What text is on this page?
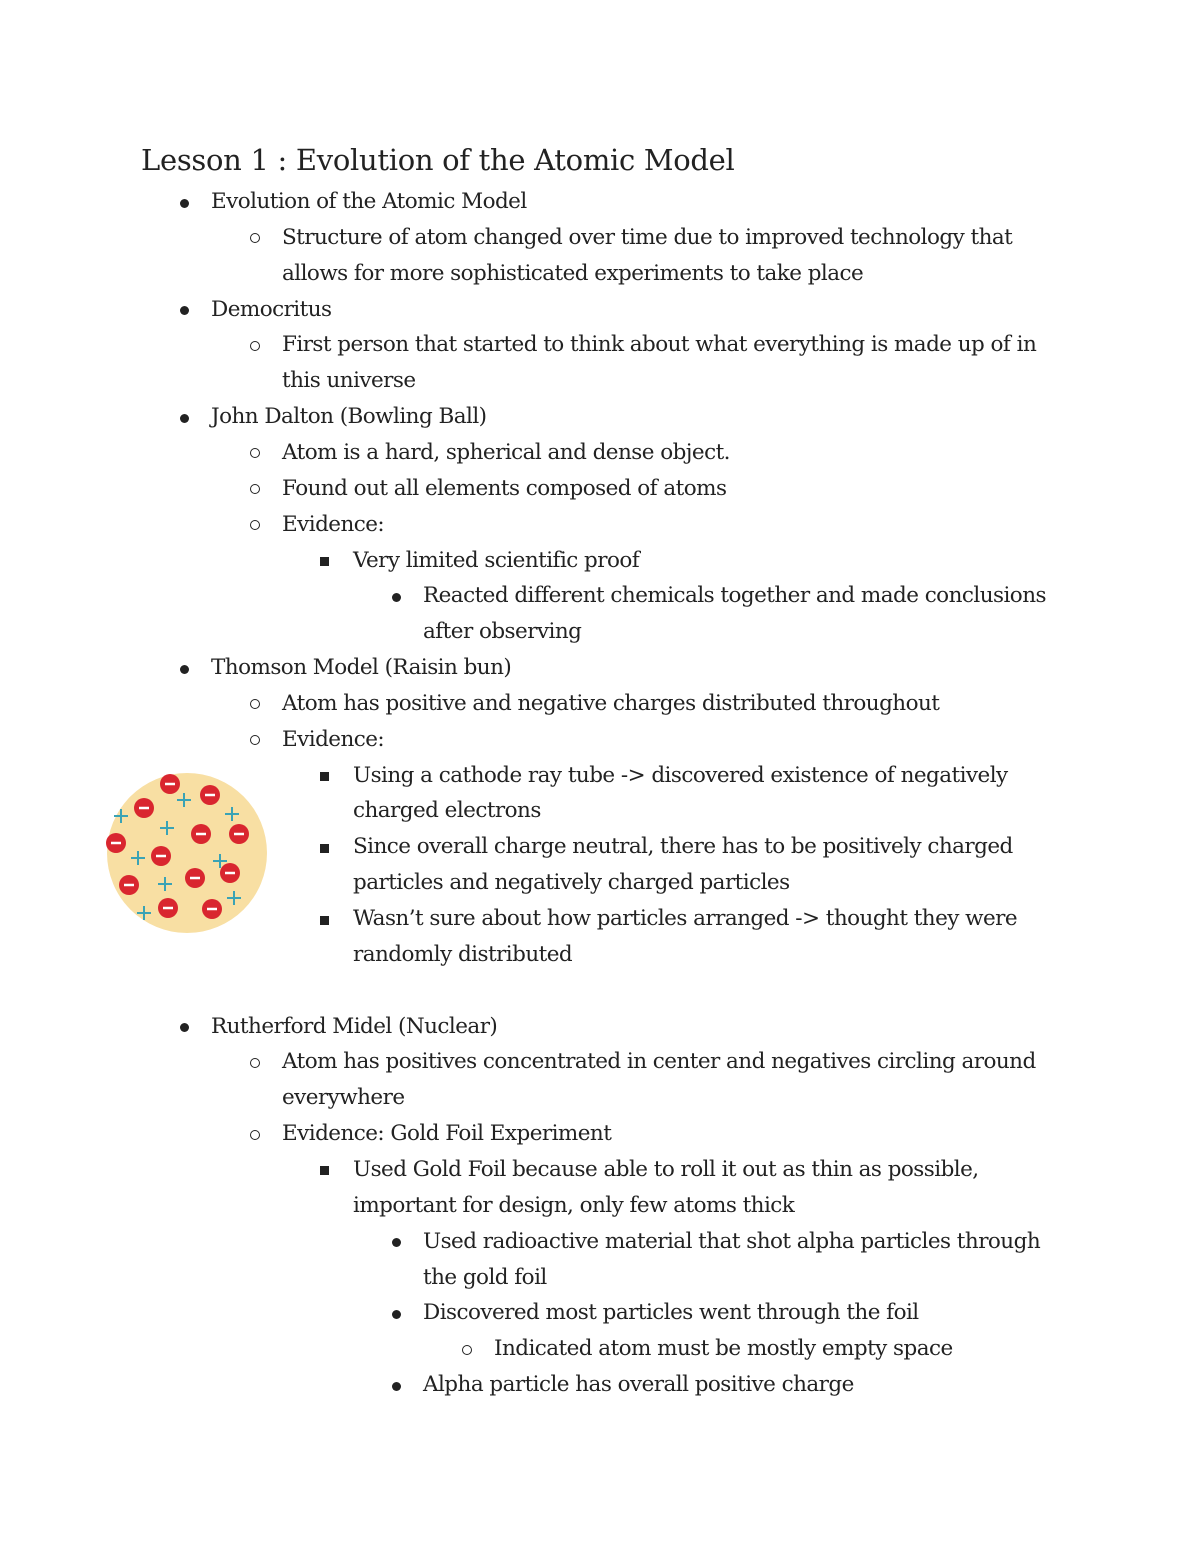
Lesson 1 : Evolution of the Atomic Model
Evolution of the Atomic Model
Structure of atom changed over time due to improved technology that
allows for more sophisticated experiments to take place
Democritus
First person that started to think about what everything is made up of in
this universe
John Dalton (Bowling Ball)
Atom is a hard, spherical and dense object.
Found out all elements composed of atoms
Evidence:
Very limited scientific proof
Reacted different chemicals together and made conclusions
after observing
Thomson Model (Raisin bun)
Atom has positive and negative charges distributed throughout
Evidence:
Using a cathode ray tube -> discovered existence of negatively
charged electrons
Since overall charge neutral, there has to be positively charged
particles and negatively charged particles
Wasn’t sure about how particles arranged -> thought they were
randomly distributed
Rutherford Midel (Nuclear)
Atom has positives concentrated in center and negatives circling around
everywhere
Evidence: Gold Foil Experiment
Used Gold Foil because able to roll it out as thin as possible,
important for design, only few atoms thick
Used radioactive material that shot alpha particles through
the gold foil
Discovered most particles went through the foil
Indicated atom must be mostly empty space
Alpha particle has overall positive charge
